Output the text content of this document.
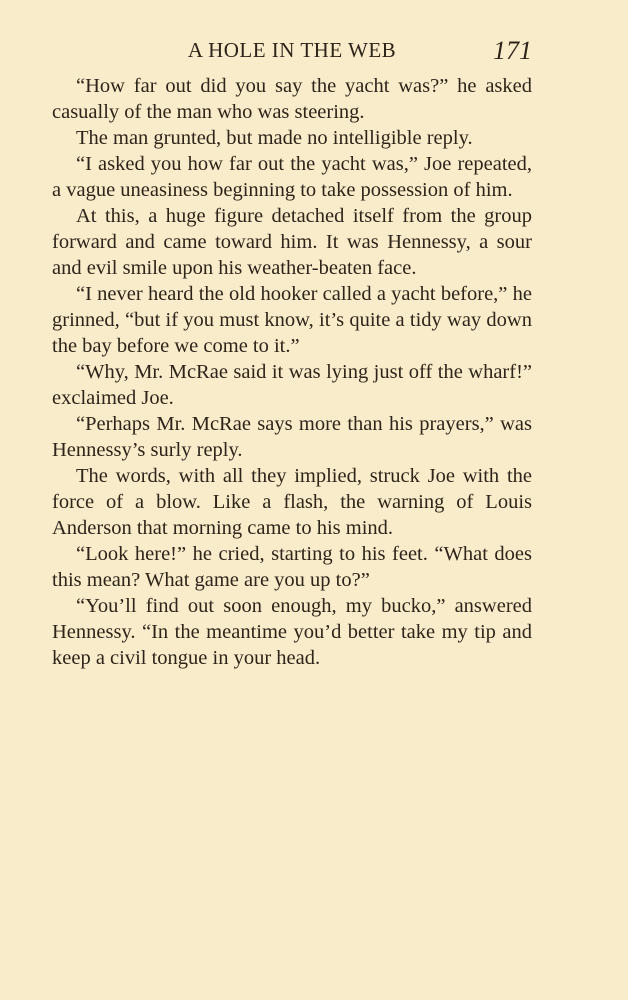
A HOLE IN THE WEB	171

“How far out did you say the yacht was?” he asked casually of the man who was steering.

The man grunted, but made no intelligible reply.

“I asked you how far out the yacht was,” Joe repeated, a vague uneasiness beginning to take possession of him.

At this, a huge figure detached itself from the group forward and came toward him. It was Hennessy, a sour and evil smile upon his weather-beaten face.

“I never heard the old hooker called a yacht before,” he grinned, “but if you must know, it’s quite a tidy way down the bay before we come to it.”

“Why, Mr. McRae said it was lying just off the wharf!” exclaimed Joe.

“Perhaps Mr. McRae says more than his prayers,” was Hennessy’s surly reply.

The words, with all they implied, struck Joe with the force of a blow. Like a flash, the warning of Louis Anderson that morning came to his mind.

“Look here!” he cried, starting to his feet. “What does this mean? What game are you up to?”

“You’ll find out soon enough, my bucko,” answered Hennessy. “In the meantime you’d better take my tip and keep a civil tongue in your head.
